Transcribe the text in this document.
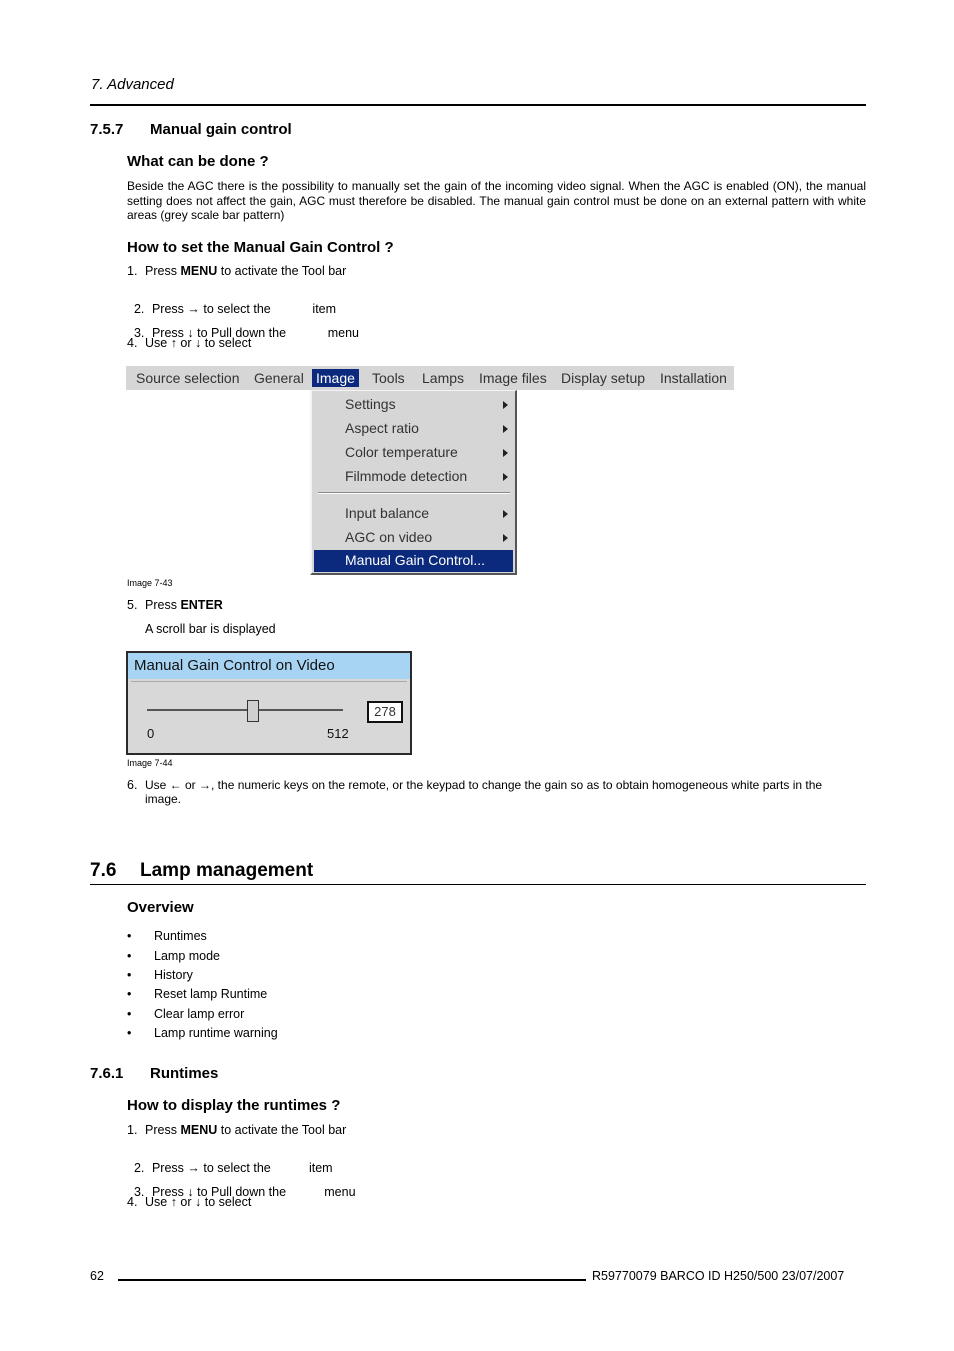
7. Advanced
7.5.7 Manual gain control
What can be done ?
Beside the AGC there is the possibility to manually set the gain of the incoming video signal. When the AGC is enabled (ON), the manual setting does not affect the gain, AGC must therefore be disabled. The manual gain control must be done on an external pattern with white areas (grey scale bar pattern)
How to set the Manual Gain Control ?
1. Press MENU to activate the Tool bar

2. Press → to select the            item

3. Press ↓ to Pull down the            menu

4. Use ↑ or ↓ to select
Source selection General Image Tools Lamps Image files Display setup Installation
Settings
Aspect ratio
Color temperature
Filmmode detection
Input balance
AGC on video
Manual Gain Control...
Image 7-43
5. Press ENTER
A scroll bar is displayed
Manual Gain Control on Video
0	512
278
Image 7-44
6. Use ← or →, the numeric keys on the remote, or the keypad to change the gain so as to obtain homogeneous white parts in the
image.
7.6 Lamp management
Overview
• Runtimes
• Lamp mode
• History
• Reset lamp Runtime
• Clear lamp error
• Lamp runtime warning
7.6.1 Runtimes
How to display the runtimes ?
1. Press MENU to activate the Tool bar

2. Press → to select the           item

3. Press ↓ to Pull down the           menu

4. Use ↑ or ↓ to select
62	R59770079 BARCO ID H250/500 23/07/2007
